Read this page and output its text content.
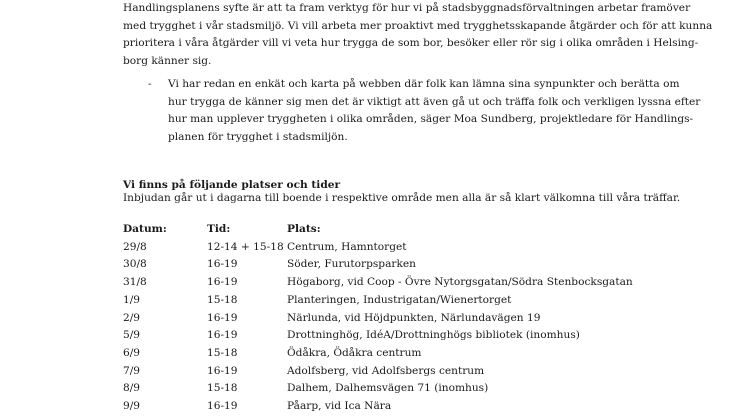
Handlingsplanens syfte är att ta fram verktyg för hur vi på stadsbyggnadsförvaltningen arbetar framöver
med trygghet i vår stadsmiljö. Vi vill arbeta mer proaktivt med trygghetsskapande åtgärder och för att kunna
prioritera i våra åtgärder vill vi veta hur trygga de som bor, besöker eller rör sig i olika områden i Helsing-
borg känner sig.

- Vi har redan en enkät och karta på webben där folk kan lämna sina synpunkter och berätta om
hur trygga de känner sig men det är viktigt att även gå ut och träffa folk och verkligen lyssna efter
hur man upplever tryggheten i olika områden, säger Moa Sundberg, projektledare för Handlings-
planen för trygghet i stadsmiljön.

Vi finns på följande platser och tider
Inbjudan går ut i dagarna till boende i respektive område men alla är så klart välkomna till våra träffar.
Datum:	Tid:	Plats:
29/8	12-14 + 15-18	Centrum, Hamntorget
30/8	16-19	Söder, Furutorpsparken
31/8	16-19	Högaborg, vid Coop - Övre Nytorgsgatan/Södra Stenbocksgatan
1/9	15-18	Planteringen, Industrigatan/Wienertorget
2/9	16-19	Närlunda, vid Höjdpunkten, Närlundavägen 19
5/9	16-19	Drottninghög, IdéA/Drottninghögs bibliotek (inomhus)
6/9	15-18	Ödåkra, Ödåkra centrum
7/9	16-19	Adolfsberg, vid Adolfsbergs centrum
8/9	15-18	Dalhem, Dalhemsvägen 71 (inomhus)
9/9	16-19	Påarp, vid Ica Nära
